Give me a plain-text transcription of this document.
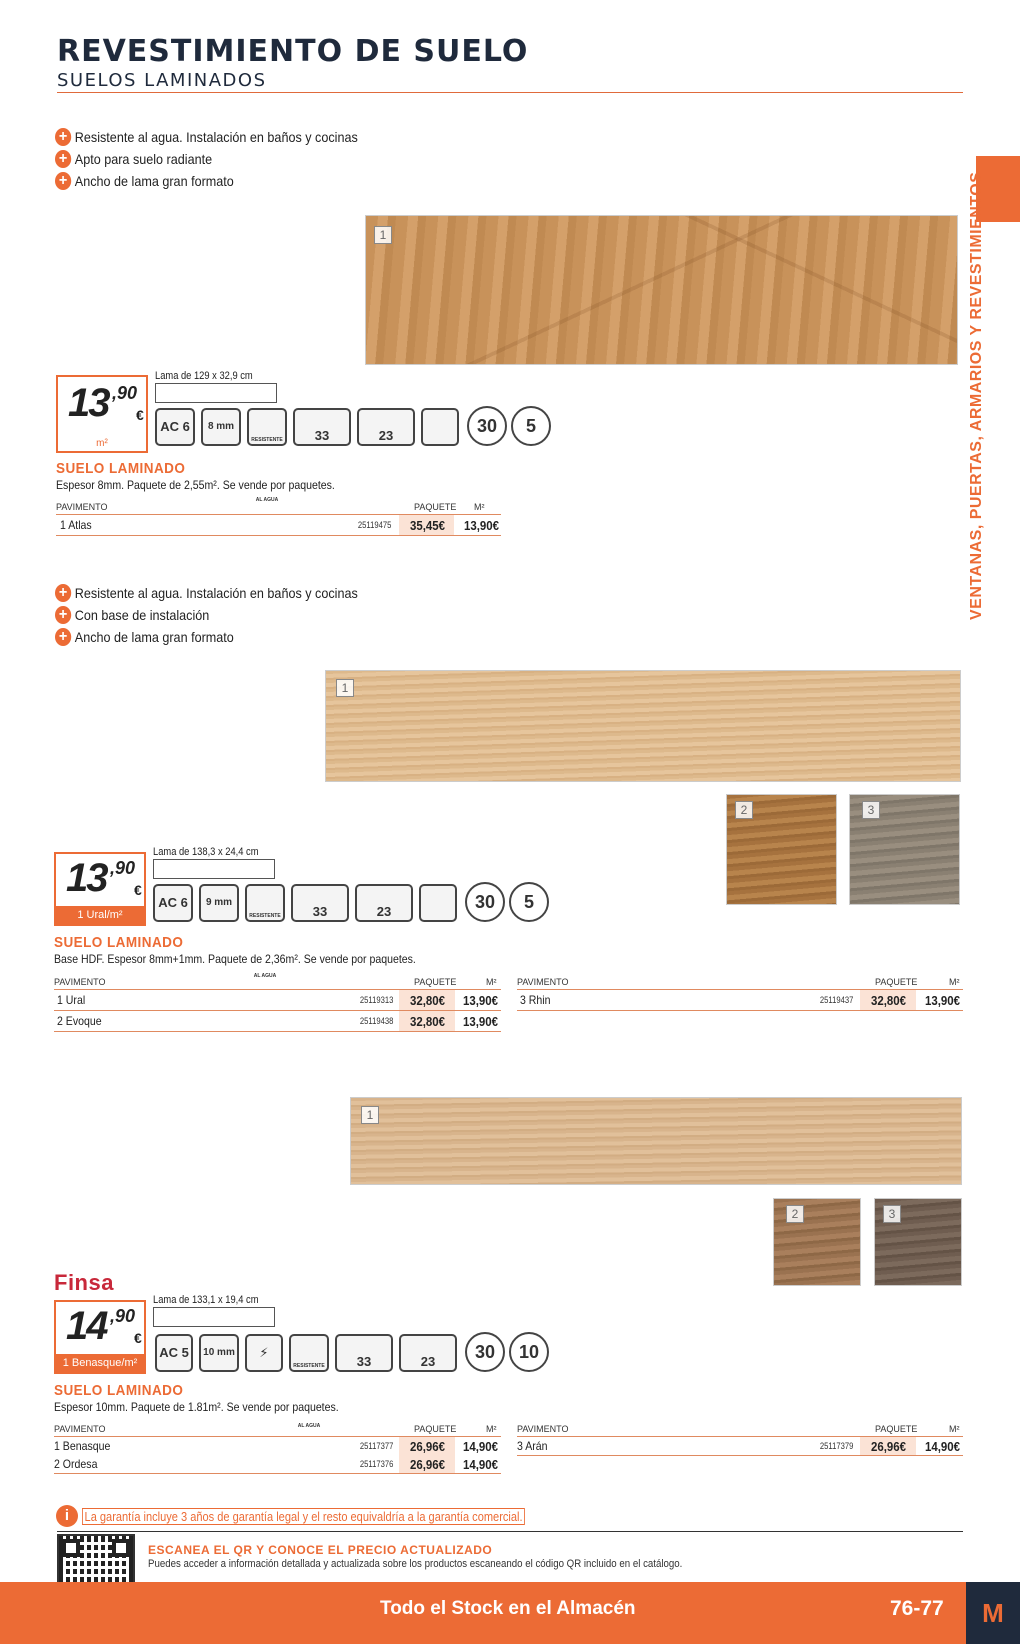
REVESTIMIENTO DE SUELO
SUELOS LAMINADOS
VENTANAS, PUERTAS, ARMARIOS Y REVESTIMIENTOS
+ Resistente al agua. Instalación en baños y cocinas
+ Apto para suelo radiante
+ Ancho de lama gran formato
1
Lama de 129 x 32,9 cm
13 ,90
€
m²
AC 6	8 mm
RESISTENTE AL AGUA
33	23	30	5
SUELO LAMINADO
Espesor 8mm. Paquete de 2,55m². Se vende por paquetes.
PAVIMENTO	PAQUETE M²
1 Atlas	25119475 35,45€ 13,90€
+ Resistente al agua. Instalación en baños y cocinas
+ Con base de instalación
+ Ancho de lama gran formato
1
2	3
Lama de 138,3 x 24,4 cm
13 ,90
€
1 Ural/m²
AC 6	9 mm
RESISTENTE AL AGUA
33	23	30	5
SUELO LAMINADO
Base HDF. Espesor 8mm+1mm. Paquete de 2,36m². Se vende por paquetes.
PAVIMENTO	PAQUETE	M²
1 Ural	25119313 32,80€ 13,90€
2 Evoque	25119438 32,80€ 13,90€
PAVIMENTO	PAQUETE	M²
3 Rhin	25119437 32,80€ 13,90€
1
2	3
Finsa
Lama de 133,1 x 19,4 cm
14 ,90
€
1 Benasque/m²
AC 5	10 mm	⚡
RESISTENTE AL AGUA
33	23	30	10
SUELO LAMINADO
Espesor 10mm. Paquete de 1.81m². Se vende por paquetes.
PAVIMENTO	PAQUETE	M²
1 Benasque	25117377 26,96€ 14,90€
2 Ordesa	25117376 26,96€ 14,90€
PAVIMENTO	PAQUETE	M²
3 Arán	25117379 26,96€ 14,90€
i	La garantía incluye 3 años de garantía legal y el resto equivaldría a la garantía comercial.
ESCANEA EL QR Y CONOCE EL PRECIO ACTUALIZADO
Puedes acceder a información detallada y actualizada sobre los productos escaneando el código QR incluido en el catálogo.
Todo el Stock en el Almacén	76-77	M
